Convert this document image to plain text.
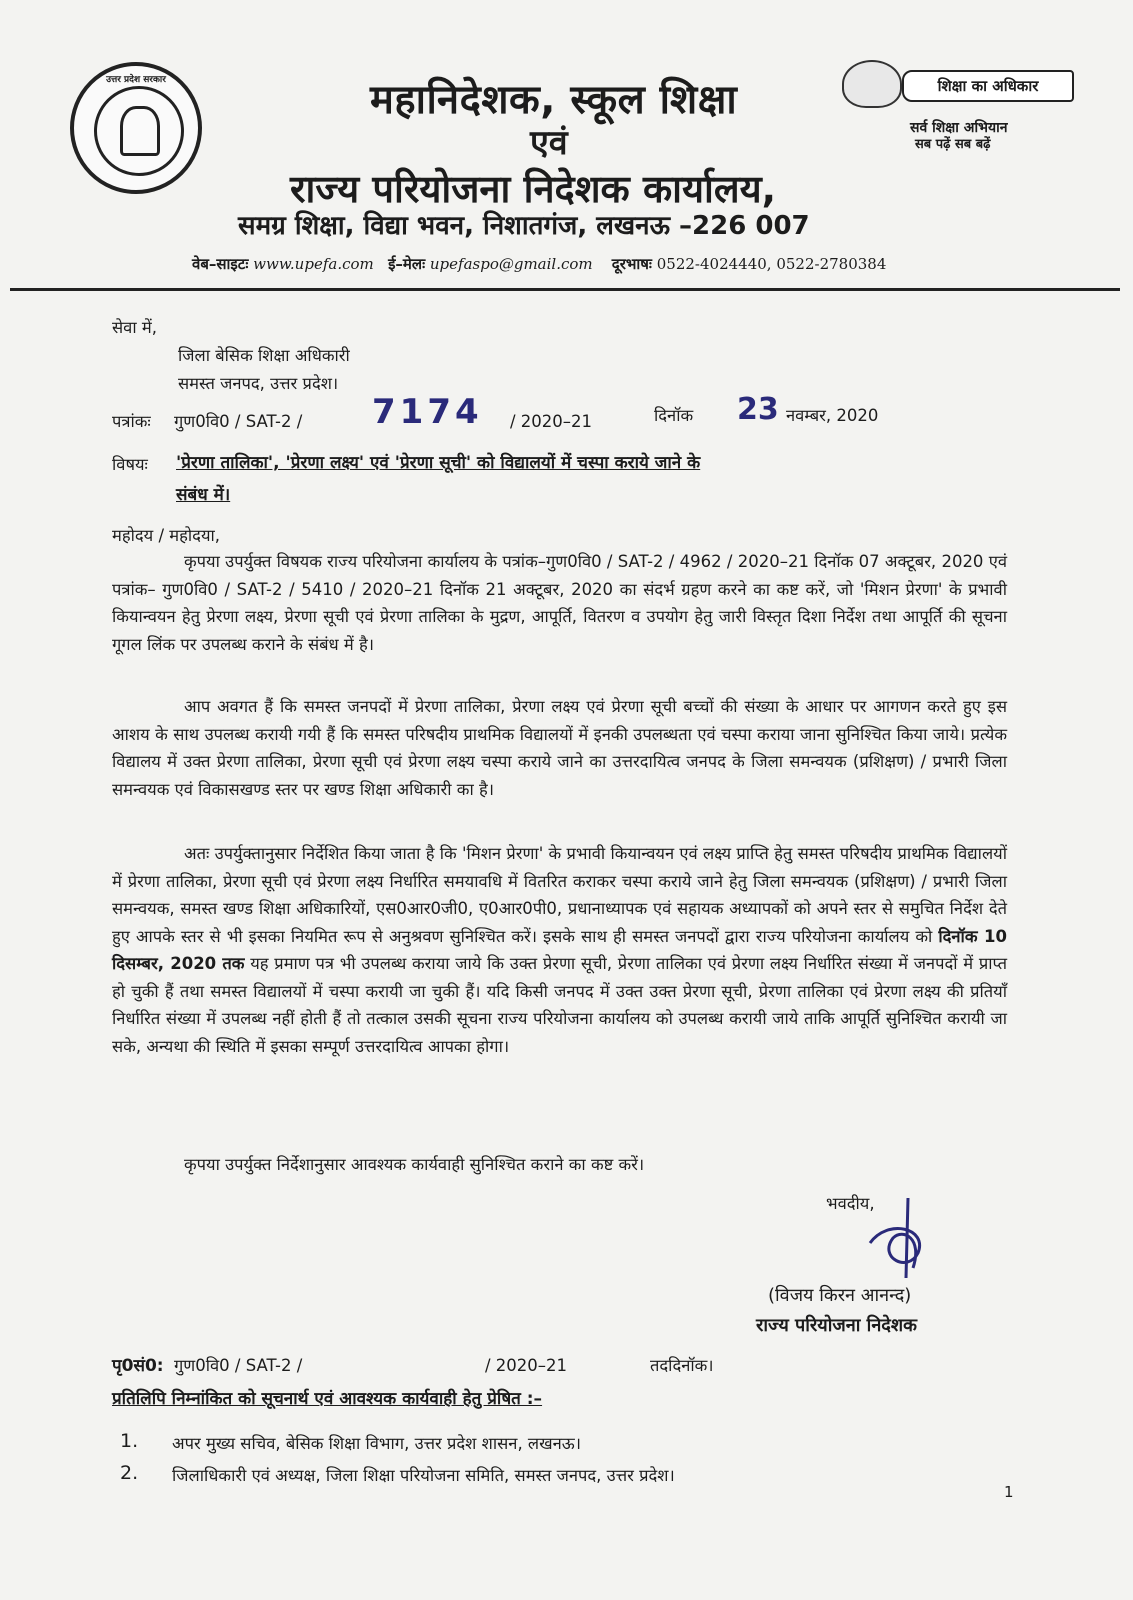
उत्तर प्रदेश सरकार	महानिदेशक, स्कूल शिक्षा
एवं
राज्य परियोजना निदेशक कार्यालय,
समग्र शिक्षा, विद्या भवन, निशातगंज, लखनऊ –226 007
शिक्षा का अधिकार
सर्व शिक्षा अभियान
सब पढ़ें सब बढ़ें
वेब–साइटः www.upefa.com ई–मेलः upefaspo@gmail.com दूरभाषः 0522-4024440, 0522-2780384
सेवा में,
जिला बेसिक शिक्षा अधिकारी
समस्त जनपद, उत्तर प्रदेश।
पत्रांकः गुण0वि0 / SAT-2 / 7174 / 2020–21	दिनॉक 23 नवम्बर, 2020
विषयः 'प्रेरणा तालिका', 'प्रेरणा लक्ष्य' एवं 'प्रेरणा सूची' को विद्यालयों में चस्पा कराये जाने के
संबंध में।
महोदय / महोदया,
कृपया उपर्युक्त विषयक राज्य परियोजना कार्यालय के पत्रांक–गुण0वि0 / SAT-2 / 4962 / 2020–21 दिनॉक 07 अक्टूबर, 2020 एवं पत्रांक– गुण0वि0 / SAT-2 / 5410 / 2020–21 दिनॉक 21 अक्टूबर, 2020 का संदर्भ ग्रहण करने का कष्ट करें, जो 'मिशन प्रेरणा' के प्रभावी कियान्वयन हेतु प्रेरणा लक्ष्य, प्रेरणा सूची एवं प्रेरणा तालिका के मुद्रण, आपूर्ति, वितरण व उपयोग हेतु जारी विस्तृत दिशा निर्देश तथा आपूर्ति की सूचना गूगल लिंक पर उपलब्ध कराने के संबंध में है।
आप अवगत हैं कि समस्त जनपदों में प्रेरणा तालिका, प्रेरणा लक्ष्य एवं प्रेरणा सूची बच्चों की संख्या के आधार पर आगणन करते हुए इस आशय के साथ उपलब्ध करायी गयी हैं कि समस्त परिषदीय प्राथमिक विद्यालयों में इनकी उपलब्धता एवं चस्पा कराया जाना सुनिश्चित किया जाये। प्रत्येक विद्यालय में उक्त प्रेरणा तालिका, प्रेरणा सूची एवं प्रेरणा लक्ष्य चस्पा कराये जाने का उत्तरदायित्व जनपद के जिला समन्वयक (प्रशिक्षण) / प्रभारी जिला समन्वयक एवं विकासखण्ड स्तर पर खण्ड शिक्षा अधिकारी का है।
अतः उपर्युक्तानुसार निर्देशित किया जाता है कि 'मिशन प्रेरणा' के प्रभावी कियान्वयन एवं लक्ष्य प्राप्ति हेतु समस्त परिषदीय प्राथमिक विद्यालयों में प्रेरणा तालिका, प्रेरणा सूची एवं प्रेरणा लक्ष्य निर्धारित समयावधि में वितरित कराकर चस्पा कराये जाने हेतु जिला समन्वयक (प्रशिक्षण) / प्रभारी जिला समन्वयक, समस्त खण्ड शिक्षा अधिकारियों, एस0आर0जी0, ए0आर0पी0, प्रधानाध्यापक एवं सहायक अध्यापकों को अपने स्तर से समुचित निर्देश देते हुए आपके स्तर से भी इसका नियमित रूप से अनुश्रवण सुनिश्चित करें। इसके साथ ही समस्त जनपदों द्वारा राज्य परियोजना कार्यालय को दिनॉक 10 दिसम्बर, 2020 तक यह प्रमाण पत्र भी उपलब्ध कराया जाये कि उक्त प्रेरणा सूची, प्रेरणा तालिका एवं प्रेरणा लक्ष्य निर्धारित संख्या में जनपदों में प्राप्त हो चुकी हैं तथा समस्त विद्यालयों में चस्पा करायी जा चुकी हैं। यदि किसी जनपद में उक्त उक्त प्रेरणा सूची, प्रेरणा तालिका एवं प्रेरणा लक्ष्य की प्रतियाँ निर्धारित संख्या में उपलब्ध नहीं होती हैं तो तत्काल उसकी सूचना राज्य परियोजना कार्यालय को उपलब्ध करायी जाये ताकि आपूर्ति सुनिश्चित करायी जा सके, अन्यथा की स्थिति में इसका सम्पूर्ण उत्तरदायित्व आपका होगा।
कृपया उपर्युक्त निर्देशानुसार आवश्यक कार्यवाही सुनिश्चित कराने का कष्ट करें।
भवदीय,
(विजय किरन आनन्द)
राज्य परियोजना निदेशक
पृ0सं0: गुण0वि0 / SAT-2 /	/ 2020–21	तददिनॉक।
प्रतिलिपि निम्नांकित को सूचनार्थ एवं आवश्यक कार्यवाही हेतु प्रेषित :–
1. अपर मुख्य सचिव, बेसिक शिक्षा विभाग, उत्तर प्रदेश शासन, लखनऊ।
2. जिलाधिकारी एवं अध्यक्ष, जिला शिक्षा परियोजना समिति, समस्त जनपद, उत्तर प्रदेश।
1
